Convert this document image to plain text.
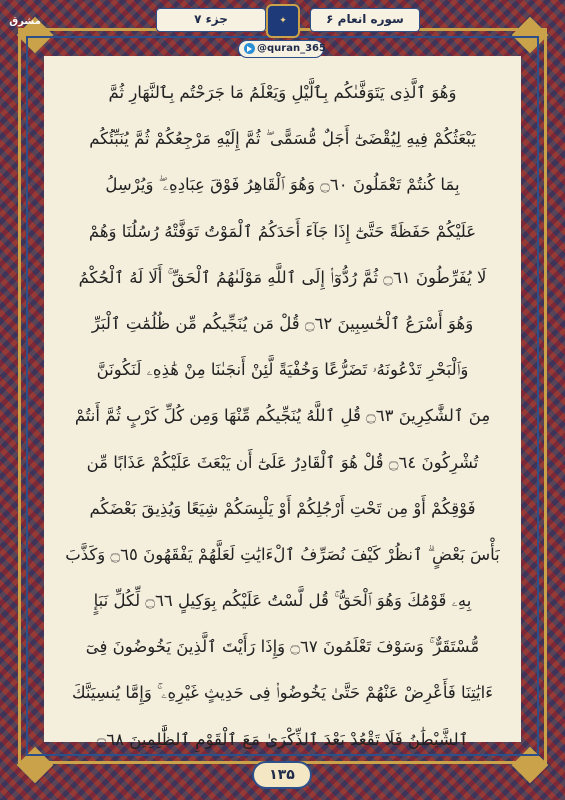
مشرق	جزء ۷	✦	سوره انعام ۶
@quran_365
وَهُوَ ٱلَّذِى يَتَوَفَّىٰكُم بِٱلَّيْلِ وَيَعْلَمُ مَا جَرَحْتُم بِٱلنَّهَارِ ثُمَّ
يَبْعَثُكُمْ فِيهِ لِيُقْضَىٰٓ أَجَلٌ مُّسَمًّى ۖ ثُمَّ إِلَيْهِ مَرْجِعُكُمْ ثُمَّ يُنَبِّئُكُم
بِمَا كُنتُمْ تَعْمَلُونَ ۝٦٠ وَهُوَ ٱلْقَاهِرُ فَوْقَ عِبَادِهِۦ ۖ وَيُرْسِلُ
عَلَيْكُمْ حَفَظَةً حَتَّىٰٓ إِذَا جَآءَ أَحَدَكُمُ ٱلْمَوْتُ تَوَفَّتْهُ رُسُلُنَا وَهُمْ
لَا يُفَرِّطُونَ ۝٦١ ثُمَّ رُدُّوٓا۟ إِلَى ٱللَّهِ مَوْلَىٰهُمُ ٱلْحَقِّ ۚ أَلَا لَهُ ٱلْحُكْمُ
وَهُوَ أَسْرَعُ ٱلْحَٰسِبِينَ ۝٦٢ قُلْ مَن يُنَجِّيكُم مِّن ظُلُمَٰتِ ٱلْبَرِّ
وَٱلْبَحْرِ تَدْعُونَهُۥ تَضَرُّعًا وَخُفْيَةً لَّئِنْ أَنجَىٰنَا مِنْ هَٰذِهِۦ لَنَكُونَنَّ
مِنَ ٱلشَّٰكِرِينَ ۝٦٣ قُلِ ٱللَّهُ يُنَجِّيكُم مِّنْهَا وَمِن كُلِّ كَرْبٍ ثُمَّ أَنتُمْ
تُشْرِكُونَ ۝٦٤ قُلْ هُوَ ٱلْقَادِرُ عَلَىٰٓ أَن يَبْعَثَ عَلَيْكُمْ عَذَابًا مِّن
فَوْقِكُمْ أَوْ مِن تَحْتِ أَرْجُلِكُمْ أَوْ يَلْبِسَكُمْ شِيَعًا وَيُذِيقَ بَعْضَكُم
بَأْسَ بَعْضٍ ۗ ٱنظُرْ كَيْفَ نُصَرِّفُ ٱلْءَايَٰتِ لَعَلَّهُمْ يَفْقَهُونَ ۝٦٥ وَكَذَّبَ
بِهِۦ قَوْمُكَ وَهُوَ ٱلْحَقُّ ۚ قُل لَّسْتُ عَلَيْكُم بِوَكِيلٍ ۝٦٦ لِّكُلِّ نَبَإٍ
مُّسْتَقَرٌّ ۚ وَسَوْفَ تَعْلَمُونَ ۝٦٧ وَإِذَا رَأَيْتَ ٱلَّذِينَ يَخُوضُونَ فِىٓ
ءَايَٰتِنَا فَأَعْرِضْ عَنْهُمْ حَتَّىٰ يَخُوضُوا۟ فِى حَدِيثٍ غَيْرِهِۦ ۚ وَإِمَّا يُنسِيَنَّكَ
ٱلشَّيْطَٰنُ فَلَا تَقْعُدْ بَعْدَ ٱلذِّكْرَىٰ مَعَ ٱلْقَوْمِ ٱلظَّٰلِمِينَ ۝٦٨
۱۳۵
